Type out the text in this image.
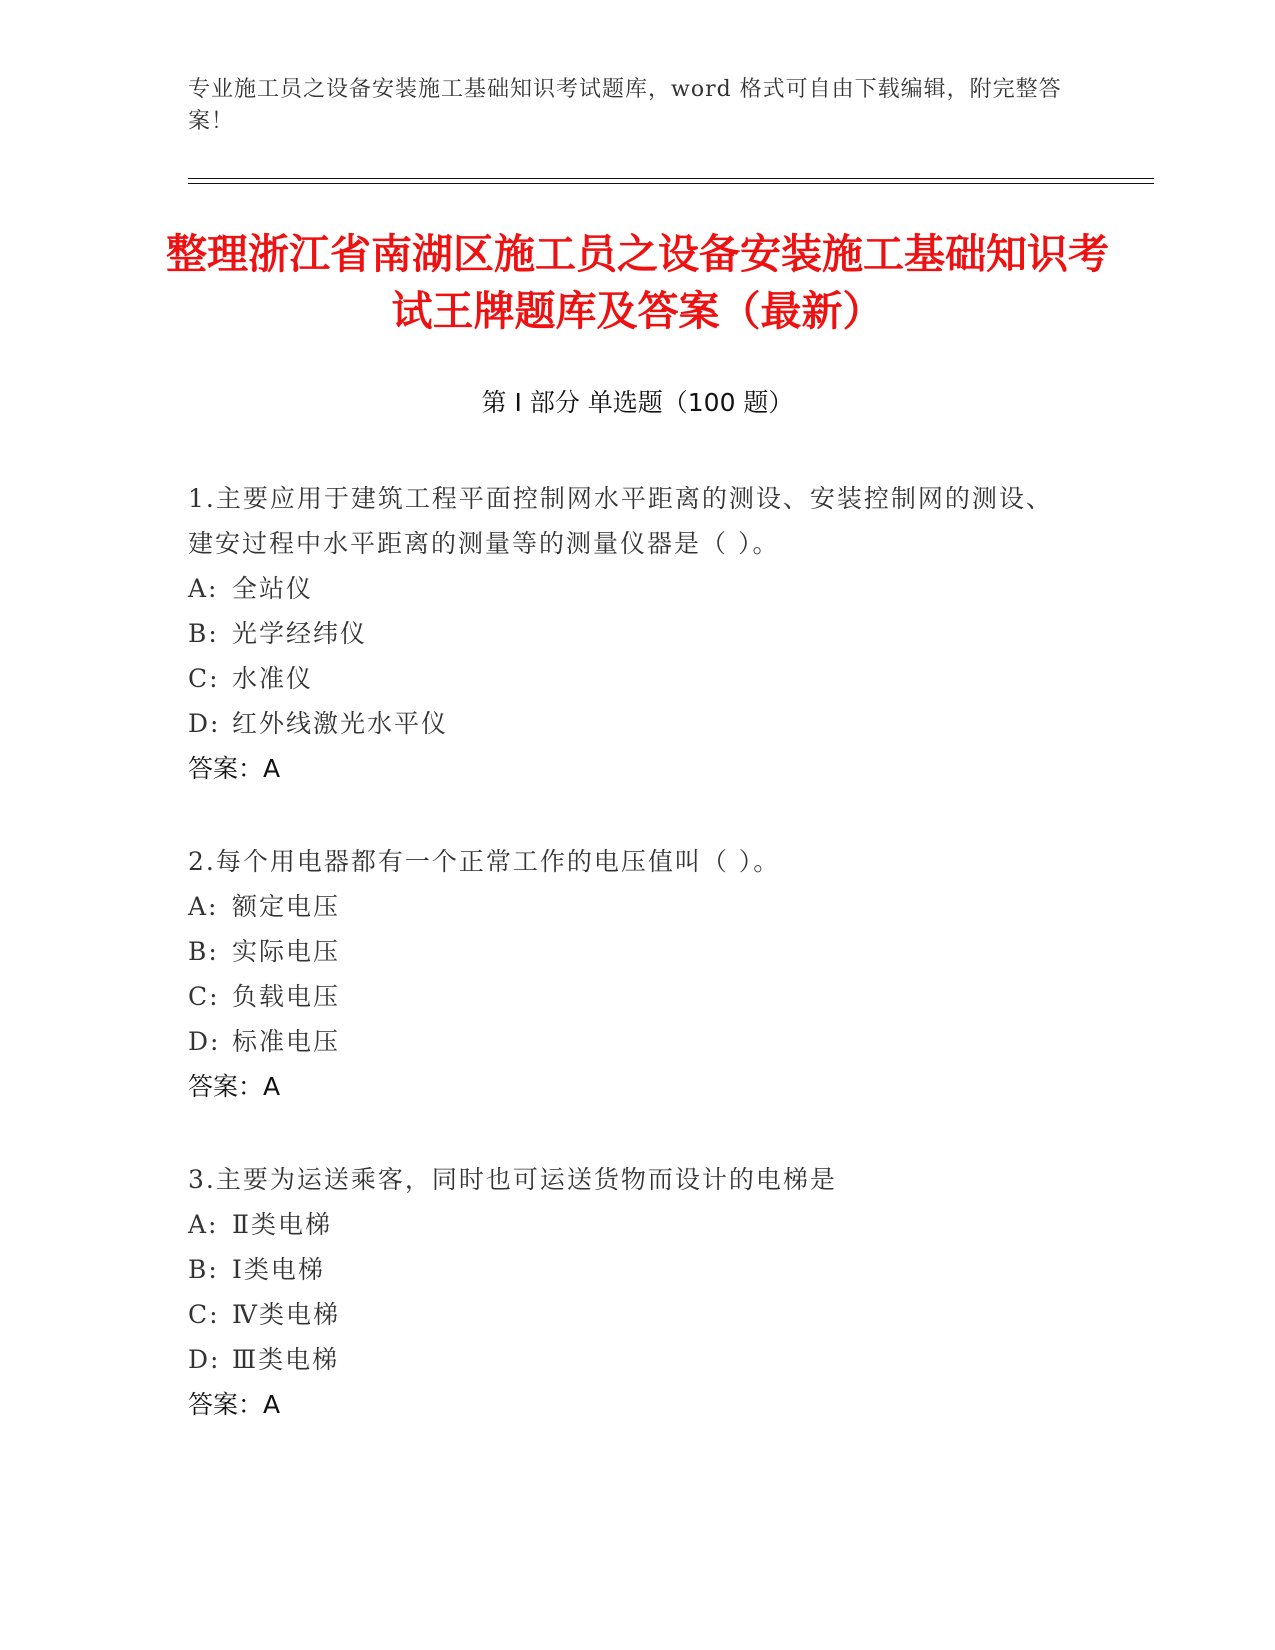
专业施工员之设备安装施工基础知识考试题库，word 格式可自由下载编辑，附完整答案！
整理浙江省南湖区施工员之设备安装施工基础知识考试王牌题库及答案（最新）
第 I 部分 单选题（100 题）
1.主要应用于建筑工程平面控制网水平距离的测设、安装控制网的测设、建安过程中水平距离的测量等的测量仪器是（ ）。
A: 全站仪
B: 光学经纬仪
C: 水准仪
D: 红外线激光水平仪
答案：A
2.每个用电器都有一个正常工作的电压值叫（ ）。
A: 额定电压
B: 实际电压
C: 负载电压
D: 标准电压
答案：A
3.主要为运送乘客，同时也可运送货物而设计的电梯是
A: Ⅱ类电梯
B: Ⅰ类电梯
C: Ⅳ类电梯
D: Ⅲ类电梯
答案：A
